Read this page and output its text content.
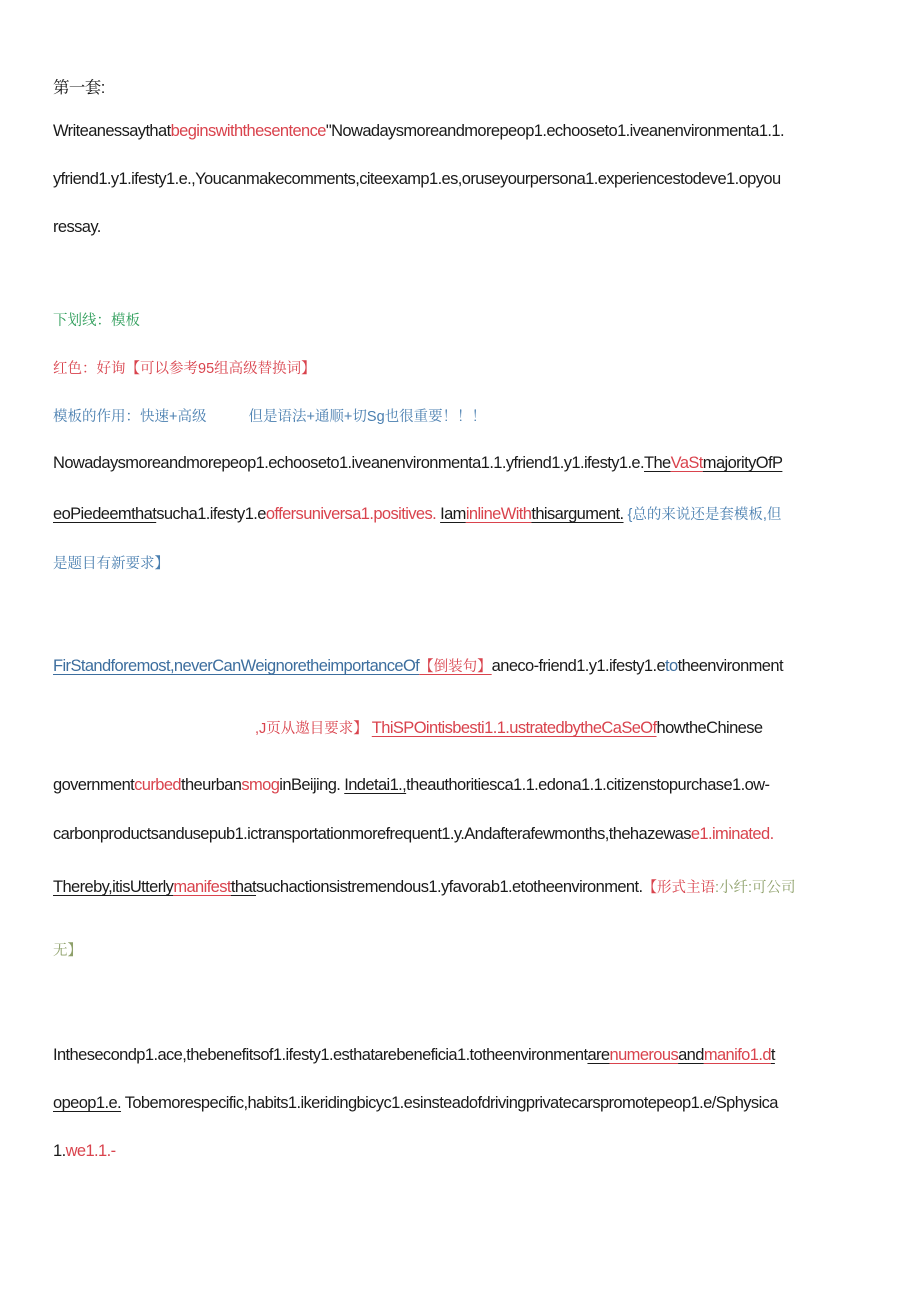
第一套:
Writeanessaythatbeginswiththesentence"Nowadaysmoreandmorepeop1.echooseto1.iveanenvironmenta1.1.
yfriend1.y1.ifesty1.e.,Youcanmakecomments,citeexamp1.es,oruseyourpersona1.experiencestodeve1.opyou
ressay.
下划线：模板
红色：好询【可以参考95组高级替换词】
模板的作用：快速+高级	但是语法+通顺+切Sg也很重要！！！
Nowadaysmoreandmorepeop1.echooseto1.iveanenvironmenta1.1.yfriend1.y1.ifesty1.e.TheVaStmajorityOfP
eoPiedeemthatsucha1.ifesty1.eoffersuniversa1.positives. IaminlineWiththisargument. {总的来说还是套模板,但
是题目有新要求】
FirStandforemost,neverCanWeignoretheimportanceOf【倒装句】aneco-friend1.y1.ifesty1.etotheenvironment
,J页从遨目要求】 ThiSPOintisbesti1.1.ustratedbytheCaSeOfhowtheChinese
governmentcurbedtheurbansmoginBeijing. Indetai1.,theauthoritiesca1.1.edona1.1.citizenstopurchase1.ow-
carbonproductsandusepub1.ictransportationmorefrequent1.y.Andafterafewmonths,thehazewase1.iminated.
Thereby,itisUtterlymanifestthatsuchactionsistremendous1.yfavorab1.etotheenvironment.【形式主语:小纤:可公司
无】
Inthesecondp1.ace,thebenefitsof1.ifesty1.esthatarebeneficia1.totheenvironmentarenumerousandmanifo1.dt
opeop1.e. Tobemorespecific,habits1.ikeridingbicyc1.esinsteadofdrivingprivatecarspromotepeop1.e/Sphysica
1.we1.1.-
